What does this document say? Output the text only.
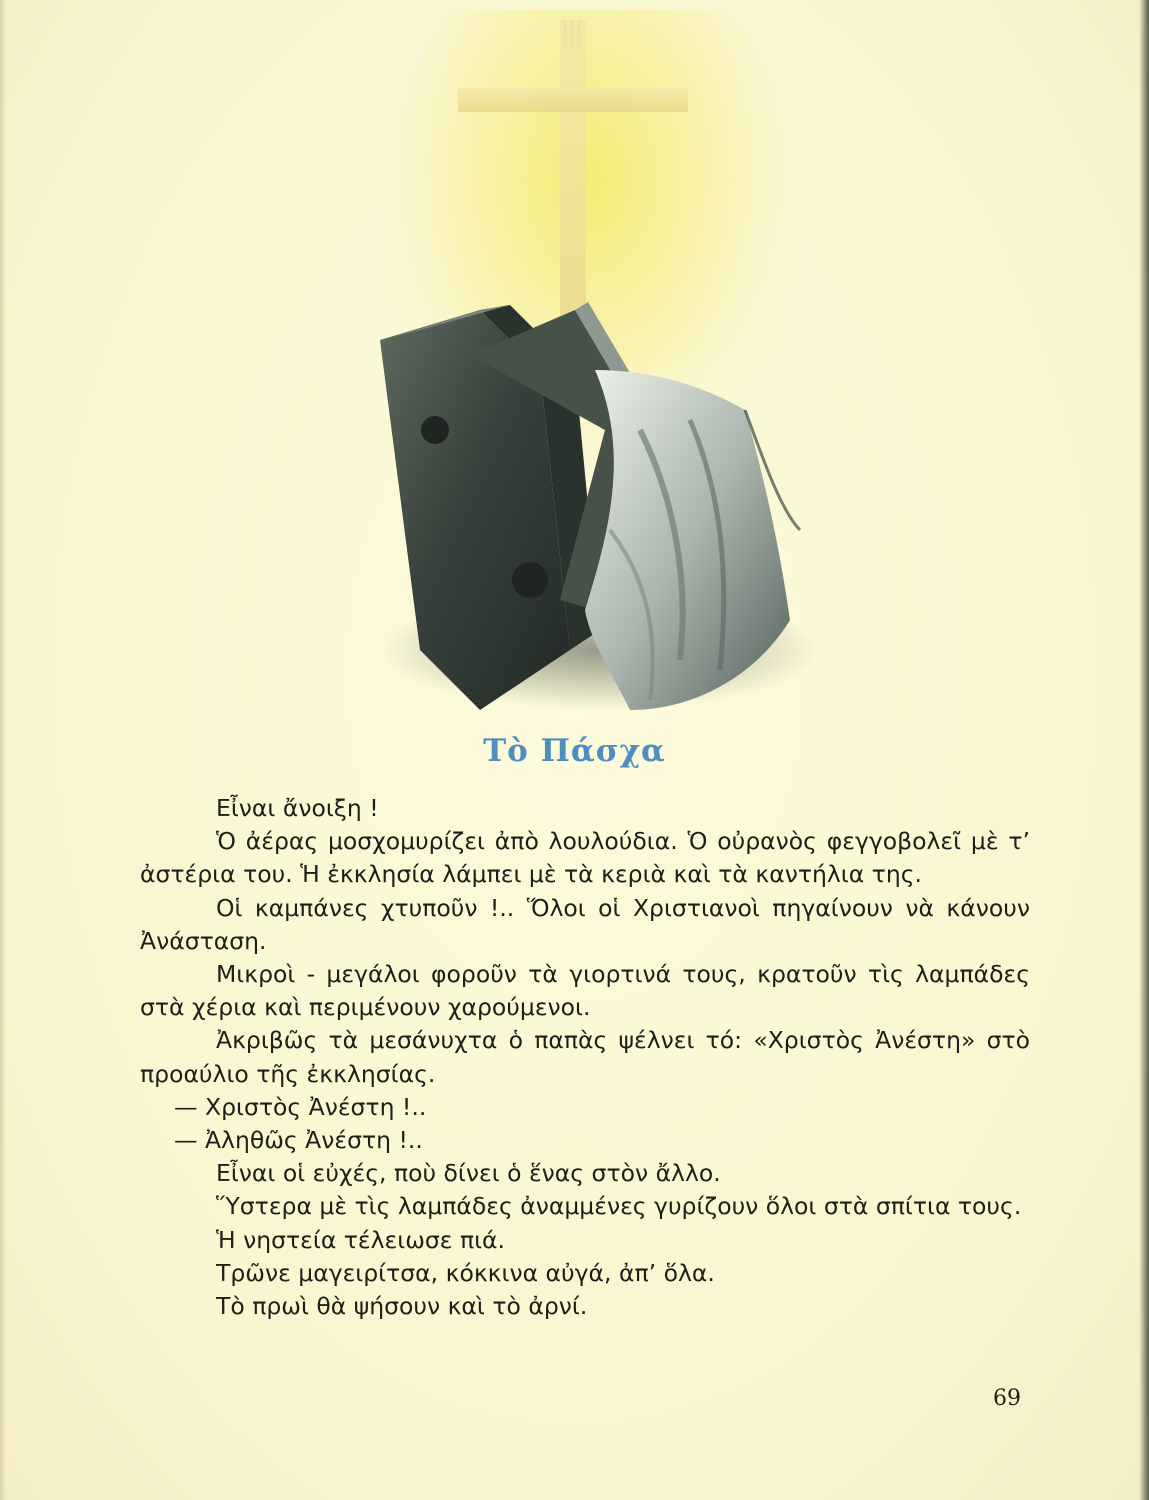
Τὸ Πάσχα

Εἶναι ἄνοιξη !

Ὁ ἀέρας μοσχομυρίζει ἀπὸ λουλούδια. Ὁ οὐρανὸς φεγγοβολεῖ μὲ τ’ ἀστέρια του. Ἡ ἐκκλησία λάμπει μὲ τὰ κεριὰ καὶ τὰ καντήλια της.

Οἱ καμπάνες χτυποῦν !.. Ὅλοι οἱ Χριστιανοὶ πηγαίνουν νὰ κάνουν Ἀνάσταση.

Μικροὶ - μεγάλοι φοροῦν τὰ γιορτινά τους, κρατοῦν τὶς λαμπάδες στὰ χέρια καὶ περιμένουν χαρούμενοι.

Ἀκριβῶς τὰ μεσάνυχτα ὁ παπὰς ψέλνει τό: «Χριστὸς Ἀνέστη» στὸ προαύλιο τῆς ἐκκλησίας.

— Χριστὸς Ἀνέστη !..

— Ἀληθῶς Ἀνέστη !..

Εἶναι οἱ εὐχές, ποὺ δίνει ὁ ἕνας στὸν ἄλλο.

Ὕστερα μὲ τὶς λαμπάδες ἀναμμένες γυρίζουν ὅλοι στὰ σπίτια τους.

Ἡ νηστεία τέλειωσε πιά.

Τρῶνε μαγειρίτσα, κόκκινα αὐγά, ἀπ’ ὅλα.

Τὸ πρωὶ θὰ ψήσουν καὶ τὸ ἀρνί.

69
